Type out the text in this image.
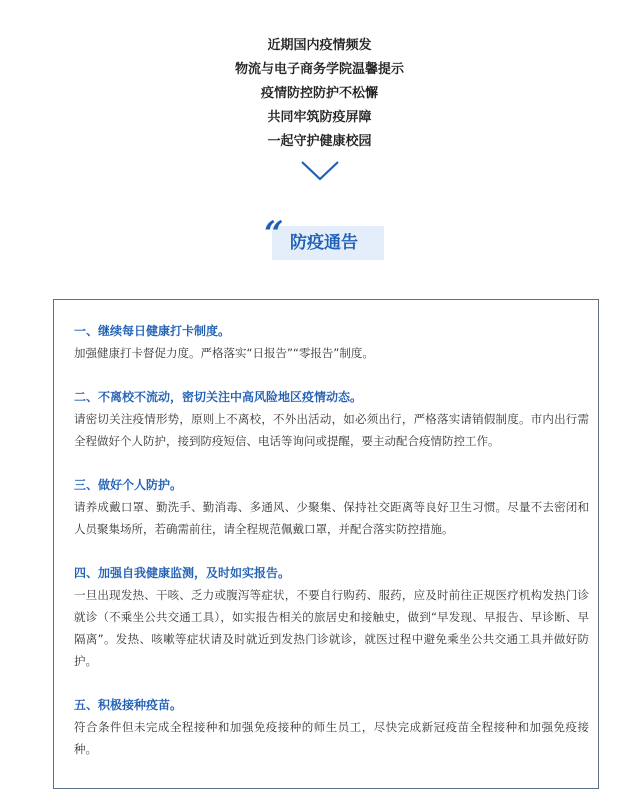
近期国内疫情频发
物流与电子商务学院温馨提示
疫情防控防护不松懈
共同牢筑防疫屏障
一起守护健康校园
“ 防疫通告
一、继续每日健康打卡制度。
加强健康打卡督促力度。严格落实“日报告”“零报告”制度。
二、不离校不流动，密切关注中高风险地区疫情动态。
请密切关注疫情形势，原则上不离校，不外出活动，如必须出行，严格落实请销假制度。市内出行需全程做好个人防护，接到防疫短信、电话等询问或提醒，要主动配合疫情防控工作。
三、做好个人防护。
请养成戴口罩、勤洗手、勤消毒、多通风、少聚集、保持社交距离等良好卫生习惯。尽量不去密闭和人员聚集场所，若确需前往，请全程规范佩戴口罩，并配合落实防控措施。
四、加强自我健康监测，及时如实报告。
一旦出现发热、干咳、乏力或腹泻等症状，不要自行购药、服药，应及时前往正规医疗机构发热门诊就诊（不乘坐公共交通工具），如实报告相关的旅居史和接触史，做到“早发现、早报告、早诊断、早隔离”。发热、咳嗽等症状请及时就近到发热门诊就诊，就医过程中避免乘坐公共交通工具并做好防护。
五、积极接种疫苗。
符合条件但未完成全程接种和加强免疫接种的师生员工，尽快完成新冠疫苗全程接种和加强免疫接种。
